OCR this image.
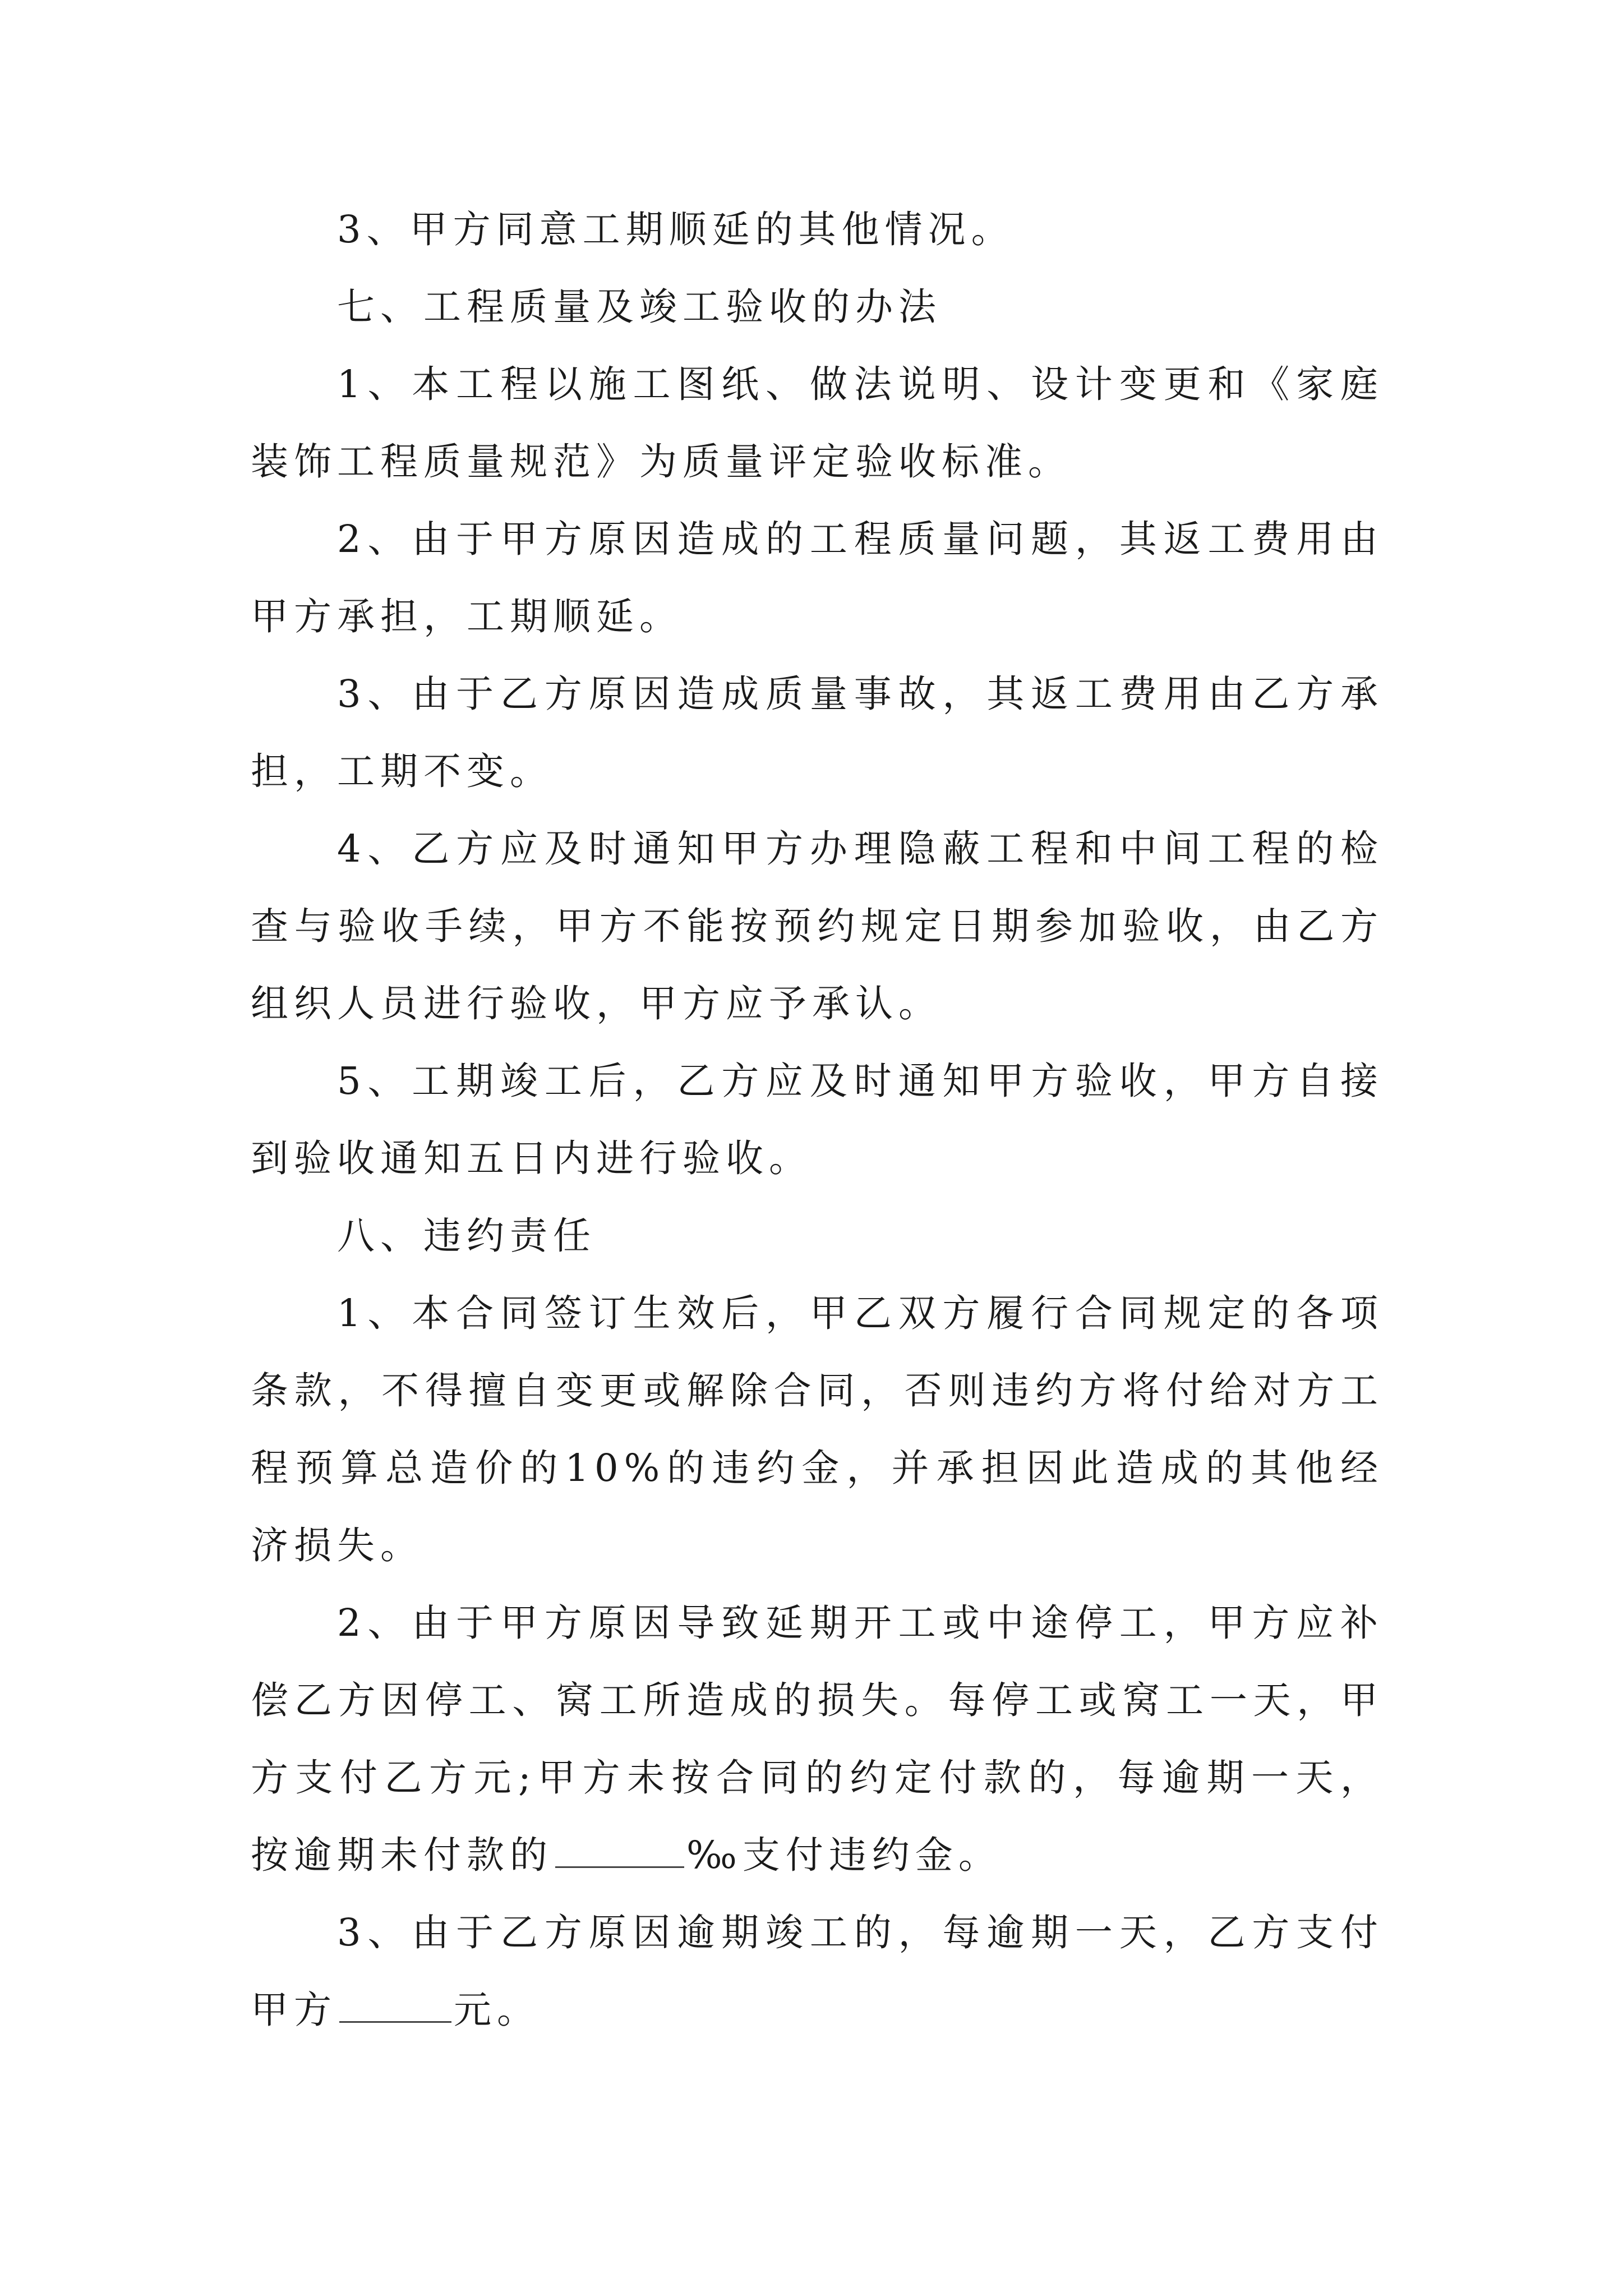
3、甲方同意工期顺延的其他情况。

七、工程质量及竣工验收的办法

1、本工程以施工图纸、做法说明、设计变更和《家庭装饰工程质量规范》为质量评定验收标准。

2、由于甲方原因造成的工程质量问题，其返工费用由甲方承担，工期顺延。

3、由于乙方原因造成质量事故，其返工费用由乙方承担，工期不变。

4、乙方应及时通知甲方办理隐蔽工程和中间工程的检查与验收手续，甲方不能按预约规定日期参加验收，由乙方组织人员进行验收，甲方应予承认。

5、工期竣工后，乙方应及时通知甲方验收，甲方自接到验收通知五日内进行验收。

八、违约责任

1、本合同签订生效后，甲乙双方履行合同规定的各项条款，不得擅自变更或解除合同，否则违约方将付给对方工程预算总造价的10%的违约金，并承担因此造成的其他经济损失。

2、由于甲方原因导致延期开工或中途停工，甲方应补偿乙方因停工、窝工所造成的损失。每停工或窝工一天，甲方支付乙方元;甲方未按合同的约定付款的，每逾期一天，按逾期未付款的	‰支付违约金。

3、由于乙方原因逾期竣工的，每逾期一天，乙方支付甲方	元。
